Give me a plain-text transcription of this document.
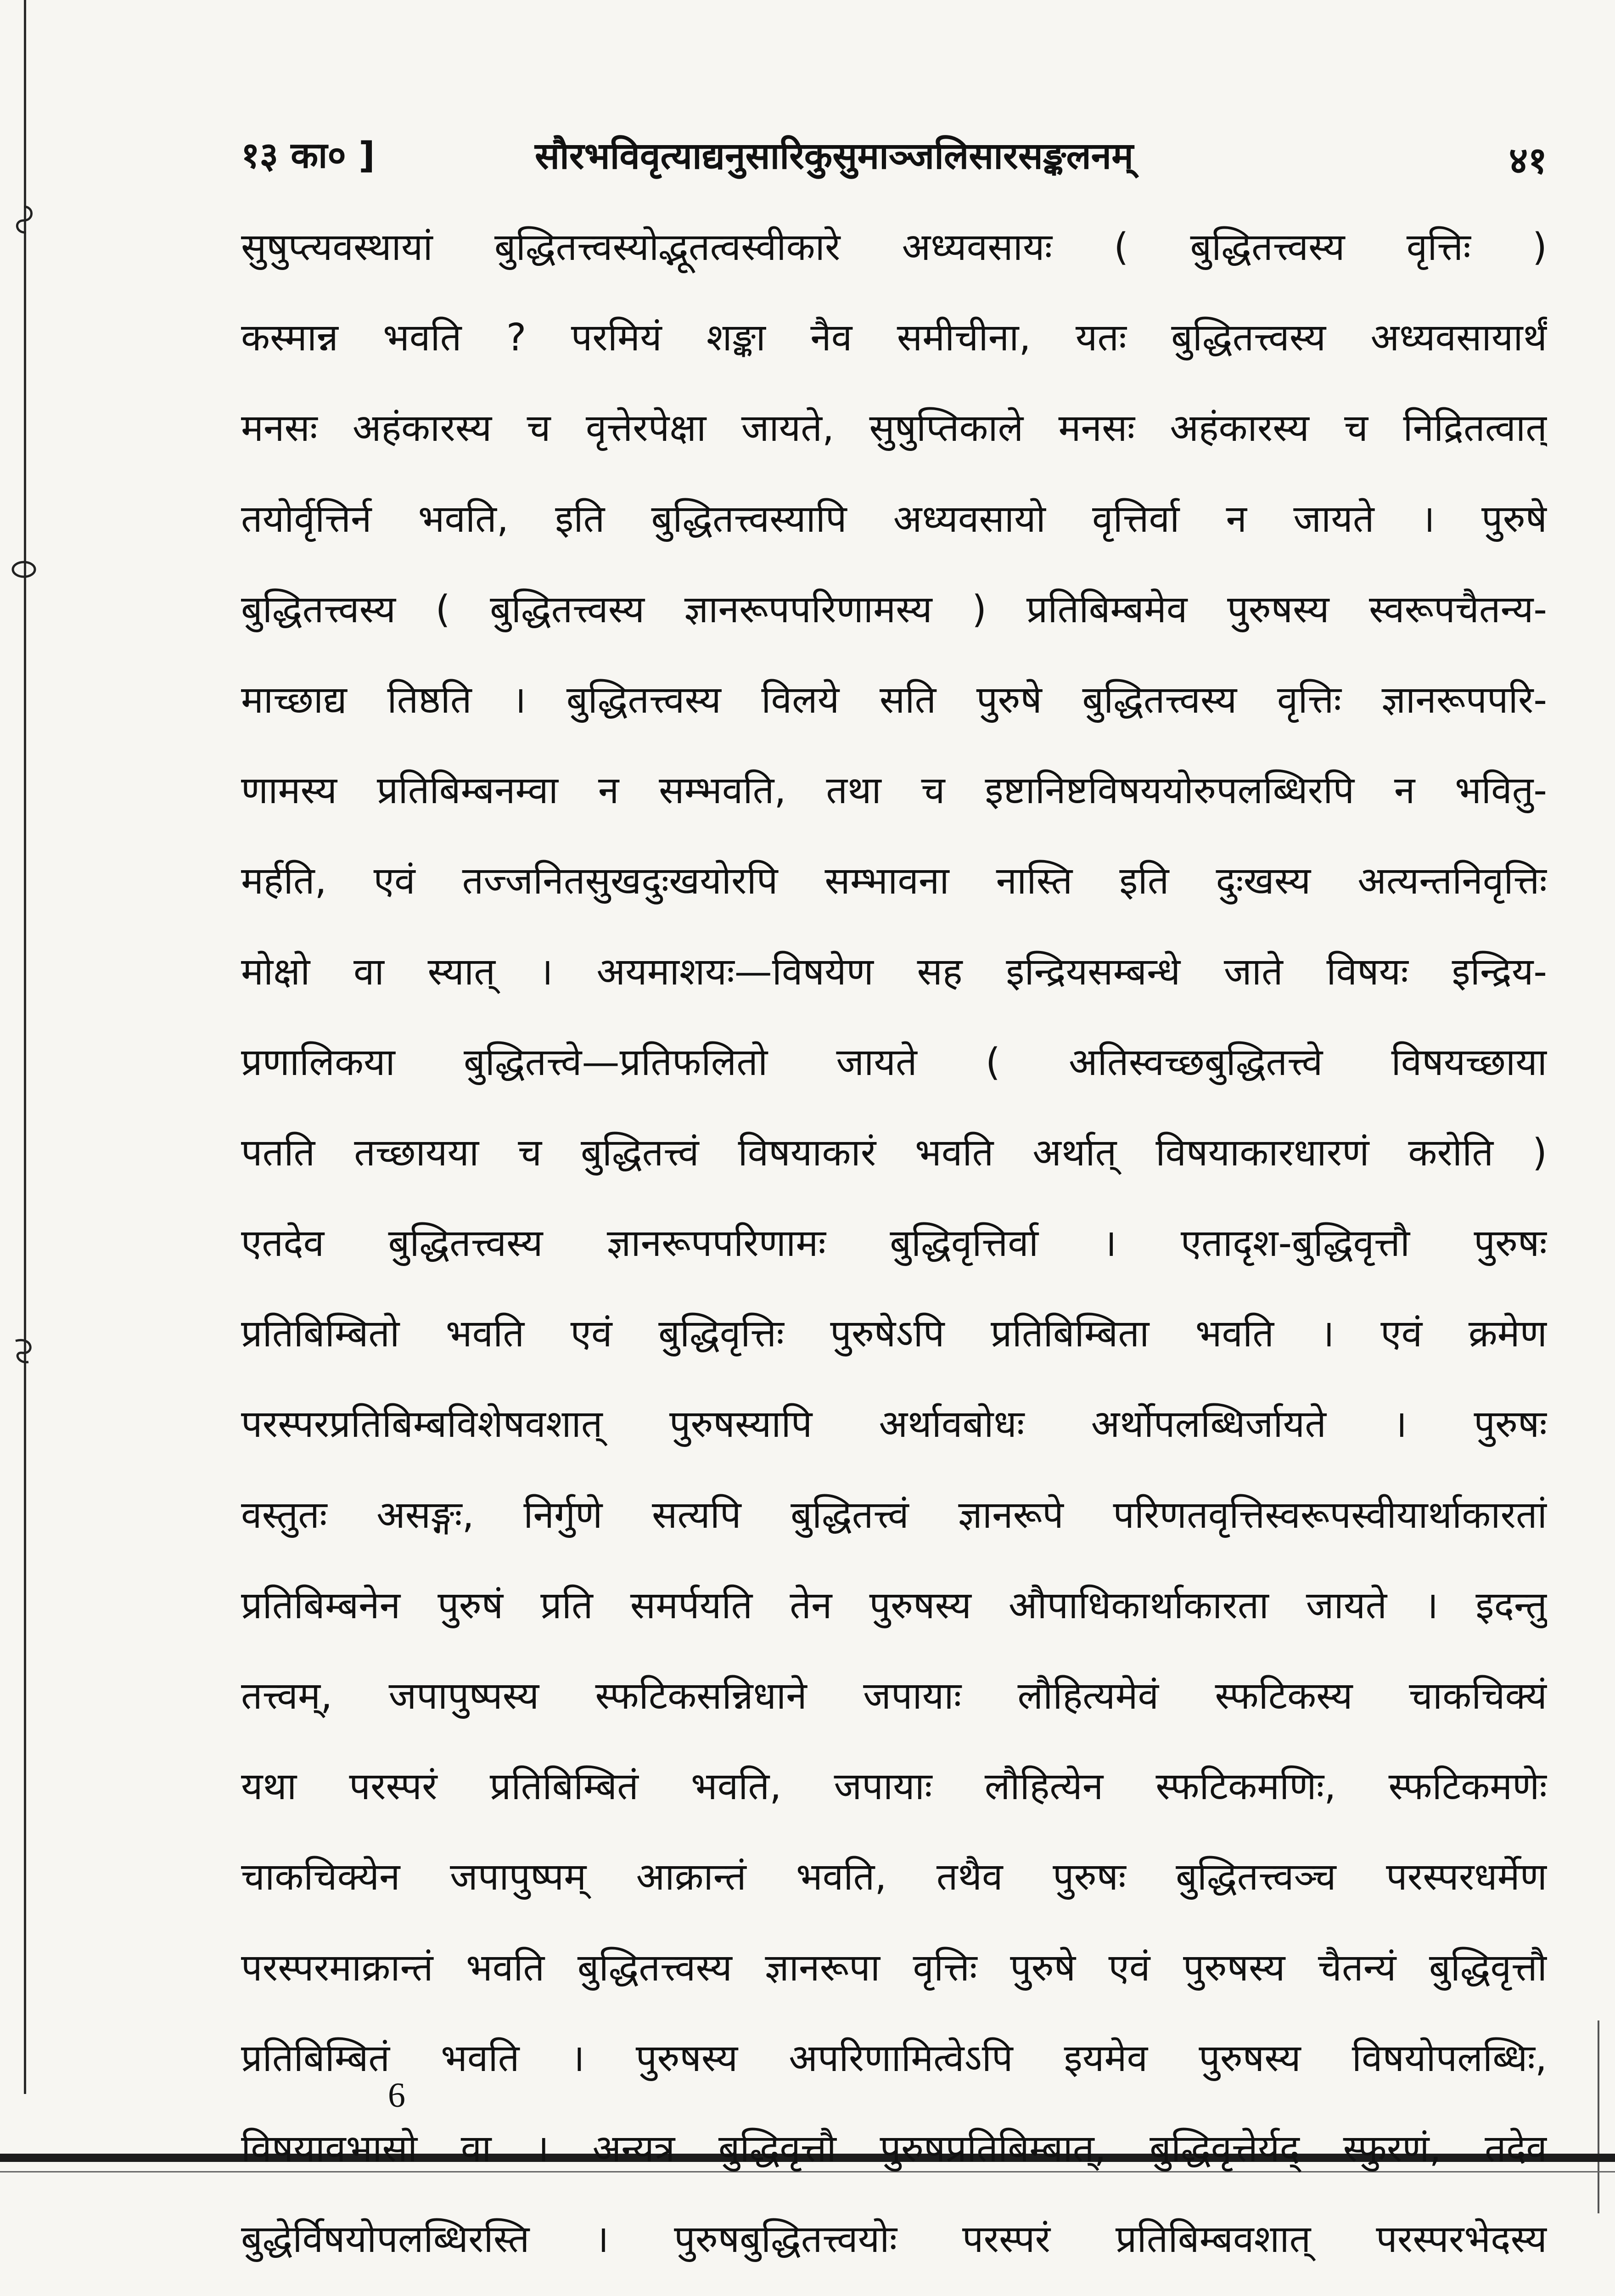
१३ का० ]	सौरभविवृत्याद्यनुसारिकुसुमाञ्जलिसारसङ्कलनम्	४१
सुषुप्त्यवस्थायां बुद्धितत्त्वस्योद्भूतत्वस्वीकारे अध्यवसायः ( बुद्धितत्त्वस्य वृत्तिः )
कस्मान्न भवति ? परमियं शङ्का नैव समीचीना, यतः बुद्धितत्त्वस्य अध्यवसायार्थं
मनसः अहंकारस्य च वृत्तेरपेक्षा जायते, सुषुप्तिकाले मनसः अहंकारस्य च निद्रितत्वात्
तयोर्वृत्तिर्न भवति, इति बुद्धितत्त्वस्यापि अध्यवसायो वृत्तिर्वा न जायते । पुरुषे
बुद्धितत्त्वस्य ( बुद्धितत्त्वस्य ज्ञानरूपपरिणामस्य ) प्रतिबिम्बमेव पुरुषस्य स्वरूपचैतन्य-
माच्छाद्य तिष्ठति । बुद्धितत्त्वस्य विलये सति पुरुषे बुद्धितत्त्वस्य वृत्तिः ज्ञानरूपपरि-
णामस्य प्रतिबिम्बनम्वा न सम्भवति, तथा च इष्टानिष्टविषययोरुपलब्धिरपि न भवितु-
मर्हति, एवं तज्जनितसुखदुःखयोरपि सम्भावना नास्ति इति दुःखस्य अत्यन्तनिवृत्तिः
मोक्षो वा स्यात् । अयमाशयः—विषयेण सह इन्द्रियसम्बन्धे जाते विषयः इन्द्रिय-
प्रणालिकया बुद्धितत्त्वे—प्रतिफलितो जायते ( अतिस्वच्छबुद्धितत्त्वे विषयच्छाया
पतति तच्छायया च बुद्धितत्त्वं विषयाकारं भवति अर्थात् विषयाकारधारणं करोति )
एतदेव बुद्धितत्त्वस्य ज्ञानरूपपरिणामः बुद्धिवृत्तिर्वा । एतादृश-बुद्धिवृत्तौ पुरुषः
प्रतिबिम्बितो भवति एवं बुद्धिवृत्तिः पुरुषेऽपि प्रतिबिम्बिता भवति । एवं क्रमेण
परस्परप्रतिबिम्बविशेषवशात् पुरुषस्यापि अर्थावबोधः अर्थोपलब्धिर्जायते । पुरुषः
वस्तुतः असङ्गः, निर्गुणे सत्यपि बुद्धितत्त्वं ज्ञानरूपे परिणतवृत्तिस्वरूपस्वीयार्थाकारतां
प्रतिबिम्बनेन पुरुषं प्रति समर्पयति तेन पुरुषस्य औपाधिकार्थाकारता जायते । इदन्तु
तत्त्वम्, जपापुष्पस्य स्फटिकसन्निधाने जपायाः लौहित्यमेवं स्फटिकस्य चाकचिक्यं
यथा परस्परं प्रतिबिम्बितं भवति, जपायाः लौहित्येन स्फटिकमणिः, स्फटिकमणेः
चाकचिक्येन जपापुष्पम् आक्रान्तं भवति, तथैव पुरुषः बुद्धितत्त्वञ्च परस्परधर्मेण
परस्परमाक्रान्तं भवति बुद्धितत्त्वस्य ज्ञानरूपा वृत्तिः पुरुषे एवं पुरुषस्य चैतन्यं बुद्धिवृत्तौ
प्रतिबिम्बितं भवति । पुरुषस्य अपरिणामित्वेऽपि इयमेव पुरुषस्य विषयोपलब्धिः,
विषयावभासो वा । अन्यत्र बुद्धिवृत्तौ पुरुषप्रतिबिम्बात्, बुद्धिवृत्तेर्यद् स्फुरणं, तदेव
बुद्धेर्विषयोपलब्धिरस्ति । पुरुषबुद्धितत्त्वयोः परस्परं प्रतिबिम्बवशात् परस्परभेदस्य
6
